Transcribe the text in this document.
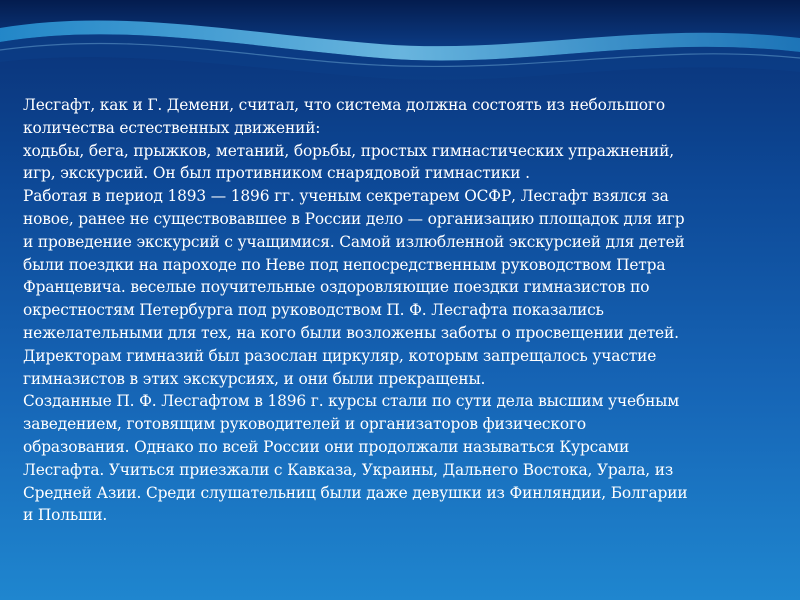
Лесгафт, как и Г. Демени, считал, что система должна состоять из небольшого
количества естественных движений:
ходьбы, бега, прыжков, метаний, борьбы, простых гимнастических упражнений,
игр, экскурсий. Он был противником снарядовой гимнастики .
Работая в период 1893 — 1896 гг. ученым секретарем ОСФР, Лесгафт взялся за
новое, ранее не существовавшее в России дело — организацию площадок для игр
и проведение экскурсий с учащимися. Самой излюбленной экскурсией для детей
были поездки на пароходе по Неве под непосредственным руководством Петра
Францевича. веселые поучительные оздоровляющие поездки гимназистов по
окрестностям Петербурга под руководством П. Ф. Лесгафта показались
нежелательными для тех, на кого были возложены заботы о просвещении детей.
Директорам гимназий был разослан циркуляр, которым запрещалось участие
гимназистов в этих экскурсиях, и они были прекращены.
Созданные П. Ф. Лесгафтом в 1896 г. курсы стали по сути дела высшим учебным
заведением, готовящим руководителей и организаторов физического
образования. Однако по всей России они продолжали называться Курсами
Лесгафта. Учиться приезжали с Кавказа, Украины, Дальнего Востока, Урала, из
Средней Азии. Среди слушательниц были даже девушки из Финляндии, Болгарии
и Польши.
